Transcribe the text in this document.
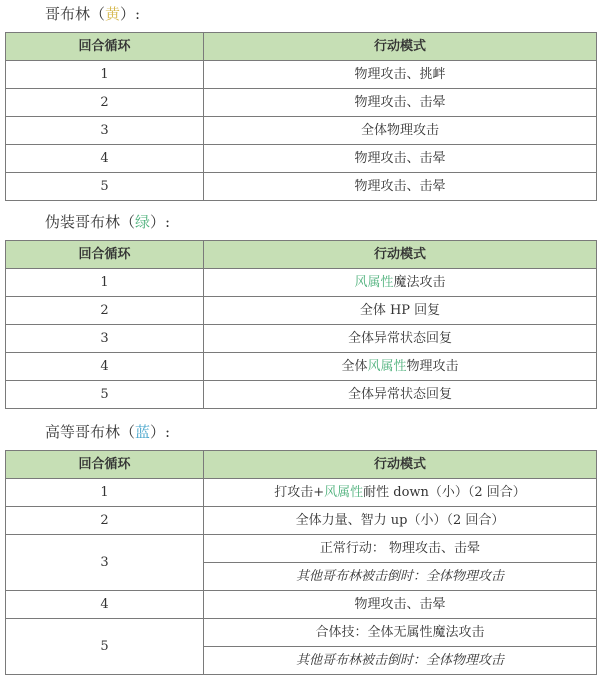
哥布林（黄）:

回合循环	行动模式
1	物理攻击、挑衅
2	物理攻击、击晕
3	全体物理攻击
4	物理攻击、击晕
5	物理攻击、击晕

伪装哥布林（绿）:

回合循环	行动模式
1	风属性魔法攻击
2	全体 HP 回复
3	全体异常状态回复
4	全体风属性物理攻击
5	全体异常状态回复

高等哥布林（蓝）:

回合循环	行动模式
1	打攻击+风属性耐性 down（小）（2 回合）
2	全体力量、智力 up（小）（2 回合）
3	正常行动： 物理攻击、击晕
	其他哥布林被击倒时：全体物理攻击
4	物理攻击、击晕
5	合体技：全体无属性魔法攻击
	其他哥布林被击倒时：全体物理攻击
